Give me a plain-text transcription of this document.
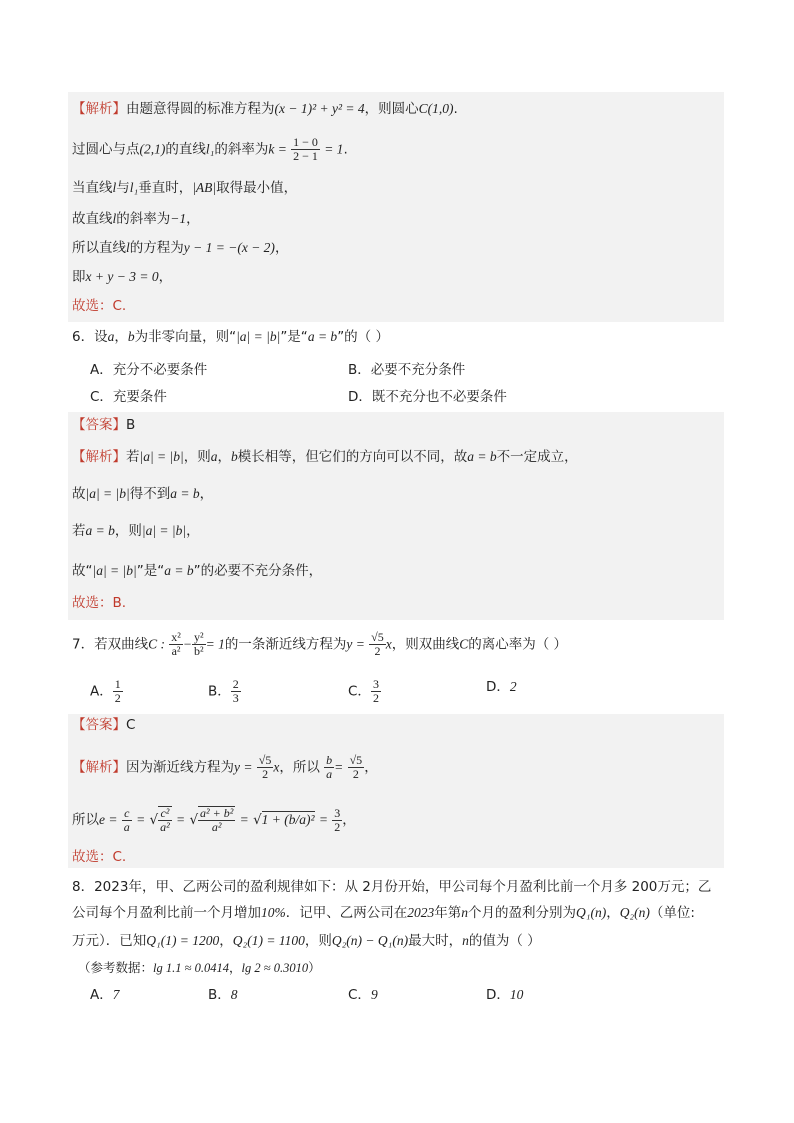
【解析】由题意得圆的标准方程为(x − 1)² + y² = 4，则圆心C(1,0).
过圆心与点(2,1)的直线l₁的斜率为$k = \frac{1 - 0}{2 - 1} = 1$.
当直线l与l₁垂直时，|AB|取得最小值，
故直线l的斜率为−1，
所以直线l的方程为y − 1 = −(x − 2)，
即x + y − 3 = 0，
故选：C.
6．设a，b为非零向量，则“|a| = |b|”是“a = b”的（ ）
A．充分不必要条件	B．必要不充分条件
C．充要条件	D．既不充分也不必要条件
【答案】B
【解析】若|a| = |b|，则a，b模长相等，但它们的方向可以不同，故a = b不一定成立，
故|a| = |b|得不到a = b，
若a = b，则|a| = |b|，
故“|a| = |b|”是“a = b”的必要不充分条件，
故选：B.
7．若双曲线C : $\frac{\text{x²}}{\text{a²}} - \frac{\text{y²}}{\text{b²}} = 1$的一条渐近线方程为$y = \frac{√5}{2}$ x，则双曲线C的离心率为（ ）
A． $\frac{1}{2}$	B． $\frac{2}{3}$	C． $\frac{3}{2}$	D．2
【答案】C
【解析】因为渐近线方程为$y = \frac{√5}{2}$ x，所以 $\frac{b}{a} = \frac{√5}{2}$ ，
所以$e = \frac{c}{a}$ = √ $\frac{\text{c²}}{\text{a²}}$ = √ $\frac{\text{a² + b²}}{\text{a²}} = √1 + (b/a)^2 = \frac{3}{2}$ ，
故选：C.
8．2023年，甲、乙两公司的盈利规律如下：从 2月份开始，甲公司每个月盈利比前一个月多 200万元；乙
公司每个月盈利比前一个月增加10%．记甲、乙两公司在2023年第n个月的盈利分别为Q₁(n)，Q₂(n)（单位:
万元）．已知Q₁(1) = 1200，Q₂(1) = 1100，则Q₂(n) − Q₁(n)最大时，n的值为（ ）
（参考数据：lg 1.1 ≈ 0.0414，lg 2 ≈ 0.3010）
A．7	B．8	C．9	D．10
